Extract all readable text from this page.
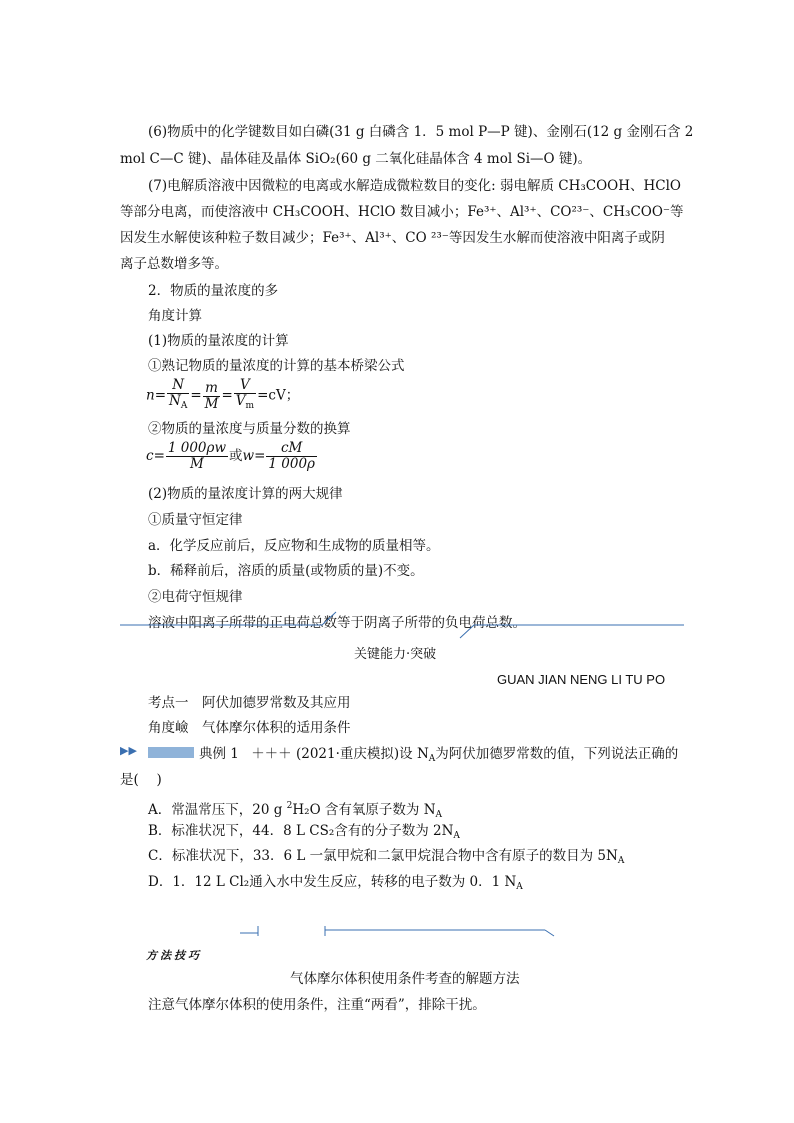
(6)物质中的化学键数目如白磷(31 g 白磷含 1．5 mol P—P 键)、金刚石(12 g 金刚石含 2
mol C—C 键)、晶体硅及晶体 SiO₂(60 g 二氧化硅晶体含 4 mol Si—O 键)。
(7)电解质溶液中因微粒的电离或水解造成微粒数目的变化: 弱电解质 CH₃COOH、HClO
等部分电离，而使溶液中 CH₃COOH、HClO 数目减小；Fe³⁺、Al³⁺、CO²³⁻、CH₃COO⁻等
因发生水解使该种粒子数目减少；Fe³⁺、Al³⁺、CO ²³⁻等因发生水解而使溶液中阳离子或阴
离子总数增多等。
2．物质的量浓度的多
角度计算
(1)物质的量浓度的计算
①熟记物质的量浓度的计算的基本桥梁公式
$n= \frac{N}{N_A} = \frac{m}{M} = \frac{V}{V_m} =cV$；
②物质的量浓度与质量分数的换算
$c= \frac{1 000\rho w}{M}$ 或$w= \frac{cM}{1 000\rho}$
(2)物质的量浓度计算的两大规律
①质量守恒定律
a．化学反应前后，反应物和生成物的质量相等。
b．稀释前后，溶质的质量(或物质的量)不变。
②电荷守恒规律
溶液中阳离子所带的正电荷总数等于阴离子所带的负电荷总数。
关键能力·突破
GUAN JIAN NENG LI TU PO
考点一　阿伏加德罗常数及其应用
角度嶮　气体摩尔体积的适用条件
▶▶	典例 1 ＋＋＋ (2021·重庆模拟)设 $N_A$为阿伏加德罗常数的值，下列说法正确的
是(　 )
A．常温常压下，20 g $^2$H₂O 含有氧原子数为 $N_A$
B．标准状况下，44．8 L CS₂含有的分子数为 $2N_A$
C．标准状况下，33．6 L 一氯甲烷和二氯甲烷混合物中含有原子的数目为 $5N_A$
D．1．12 L Cl₂通入水中发生反应，转移的电子数为 0．1 $N_A$
方法技巧
气体摩尔体积使用条件考查的解题方法
注意气体摩尔体积的使用条件，注重“两看”，排除干扰。
